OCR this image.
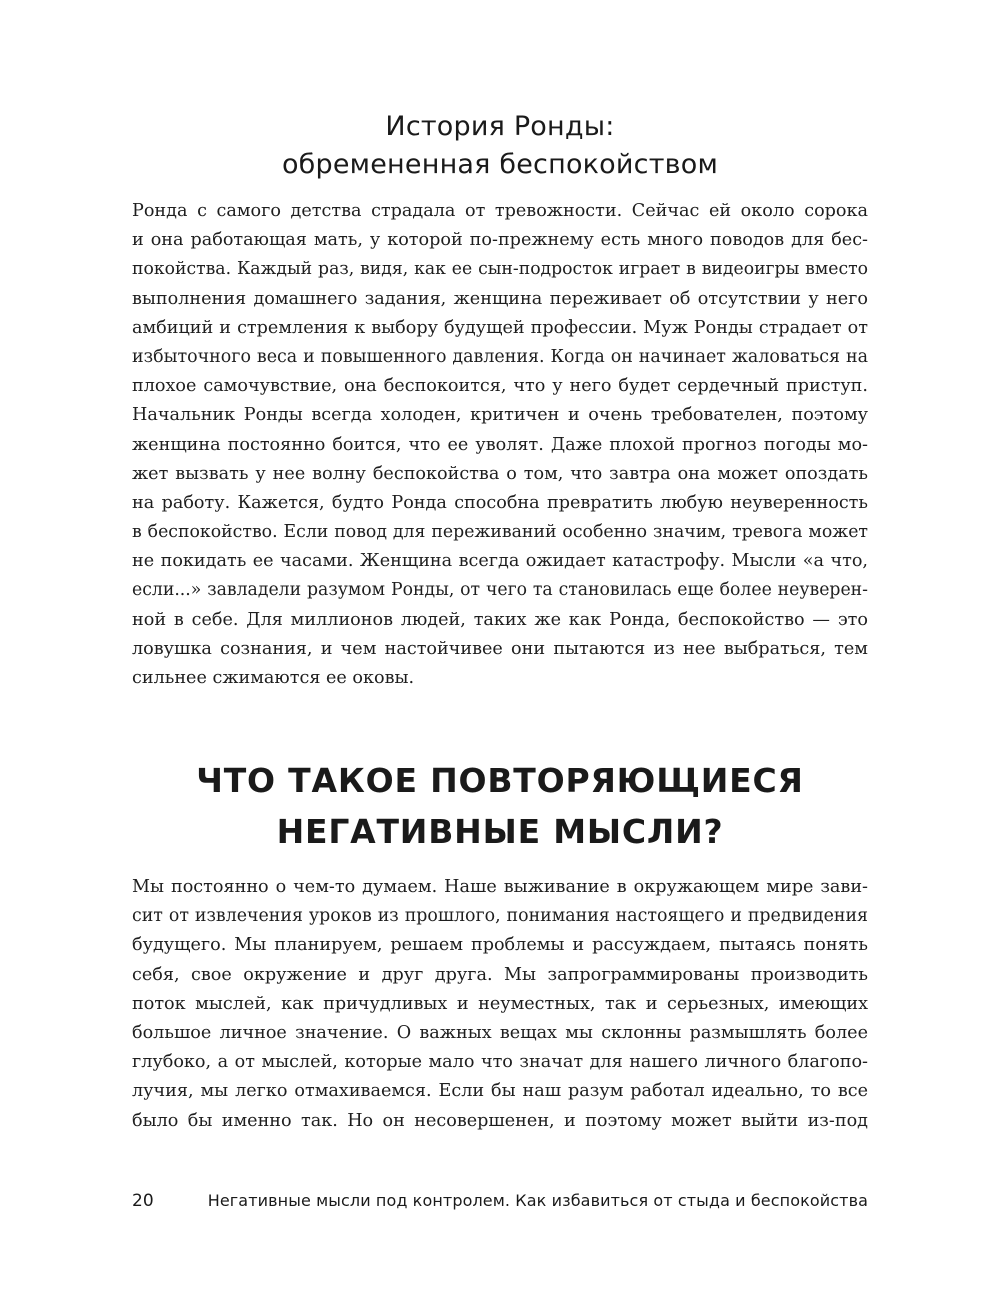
История Ронды:
обремененная беспокойством
Ронда с самого детства страдала от тревожности. Сейчас ей около сорока
и она работающая мать, у которой по-прежнему есть много поводов для бес-
покойства. Каждый раз, видя, как ее сын-подросток играет в видеоигры вместо
выполнения домашнего задания, женщина переживает об отсутствии у него
амбиций и стремления к выбору будущей профессии. Муж Ронды страдает от
избыточного веса и повышенного давления. Когда он начинает жаловаться на
плохое самочувствие, она беспокоится, что у него будет сердечный приступ.
Начальник Ронды всегда холоден, критичен и очень требователен, поэтому
женщина постоянно боится, что ее уволят. Даже плохой прогноз погоды мо-
жет вызвать у нее волну беспокойства о том, что завтра она может опоздать
на работу. Кажется, будто Ронда способна превратить любую неуверенность
в беспокойство. Если повод для переживаний особенно значим, тревога может
не покидать ее часами. Женщина всегда ожидает катастрофу. Мысли «а что,
если...» завладели разумом Ронды, от чего та становилась еще более неуверен-
ной в себе. Для миллионов людей, таких же как Ронда, беспокойство — это
ловушка сознания, и чем настойчивее они пытаются из нее выбраться, тем
сильнее сжимаются ее оковы.
ЧТО ТАКОЕ ПОВТОРЯЮЩИЕСЯ
НЕГАТИВНЫЕ МЫСЛИ?
Мы постоянно о чем-то думаем. Наше выживание в окружающем мире зави-
сит от извлечения уроков из прошлого, понимания настоящего и предвидения
будущего. Мы планируем, решаем проблемы и рассуждаем, пытаясь понять
себя, свое окружение и друг друга. Мы запрограммированы производить
поток мыслей, как причудливых и неуместных, так и серьезных, имеющих
большое личное значение. О важных вещах мы склонны размышлять более
глубоко, а от мыслей, которые мало что значат для нашего личного благопо-
лучия, мы легко отмахиваемся. Если бы наш разум работал идеально, то все
было бы именно так. Но он несовершенен, и поэтому может выйти из-под
20	Негативные мысли под контролем. Как избавиться от стыда и беспокойства
